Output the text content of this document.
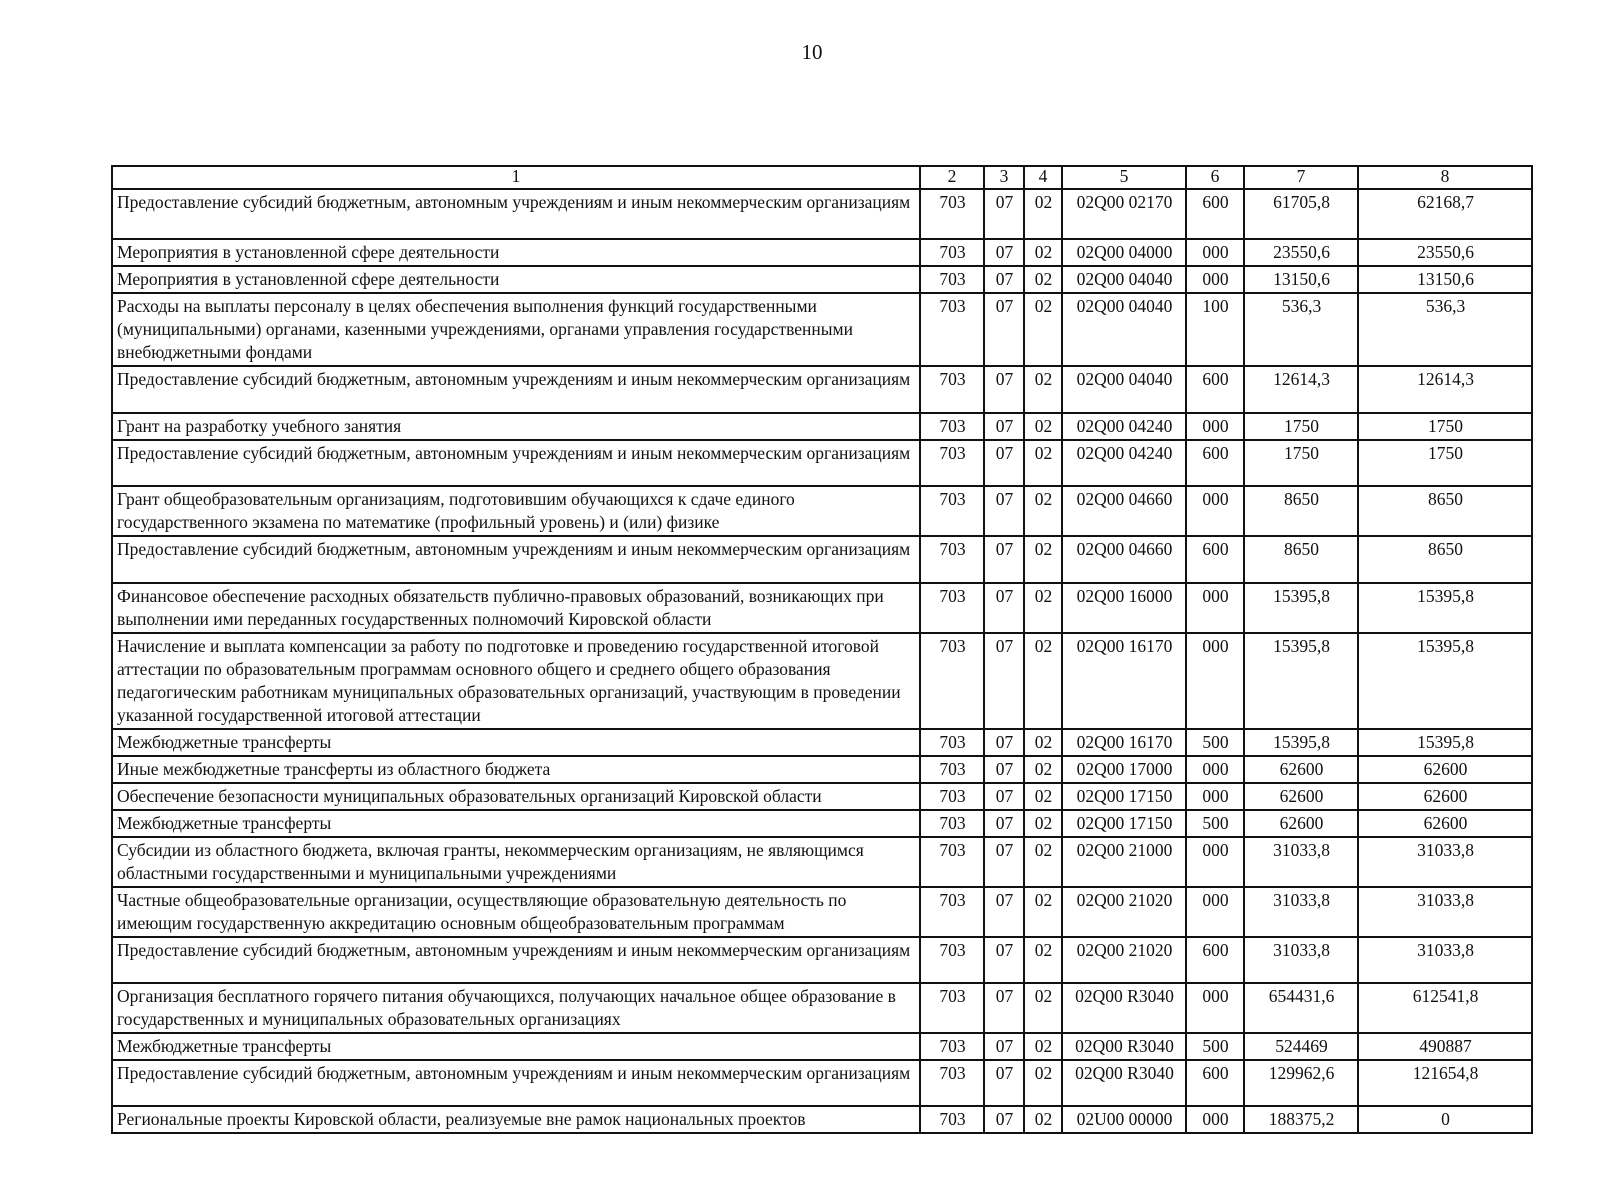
10
1	2	3	4	5	6	7	8
Предоставление субсидий бюджетным, автономным учреждениям и иным некоммерческим организациям	703	07	02	02Q00 02170	600	61705,8	62168,7
Мероприятия в установленной сфере деятельности	703	07	02	02Q00 04000	000	23550,6	23550,6
Мероприятия в установленной сфере деятельности	703	07	02	02Q00 04040	000	13150,6	13150,6
Расходы на выплаты персоналу в целях обеспечения выполнения функций государственными (муниципальными) органами, казенными учреждениями, органами управления государственными внебюджетными фондами	703	07	02	02Q00 04040	100	536,3	536,3
Предоставление субсидий бюджетным, автономным учреждениям и иным некоммерческим организациям	703	07	02	02Q00 04040	600	12614,3	12614,3
Грант на разработку учебного занятия	703	07	02	02Q00 04240	000	1750	1750
Предоставление субсидий бюджетным, автономным учреждениям и иным некоммерческим организациям	703	07	02	02Q00 04240	600	1750	1750
Грант общеобразовательным организациям, подготовившим обучающихся к сдаче единого государственного экзамена по математике (профильный уровень) и (или) физике	703	07	02	02Q00 04660	000	8650	8650
Предоставление субсидий бюджетным, автономным учреждениям и иным некоммерческим организациям	703	07	02	02Q00 04660	600	8650	8650
Финансовое обеспечение расходных обязательств публично-правовых образований, возникающих при выполнении ими переданных государственных полномочий Кировской области	703	07	02	02Q00 16000	000	15395,8	15395,8
Начисление и выплата компенсации за работу по подготовке и проведению государственной итоговой аттестации по образовательным программам основного общего и среднего общего образования педагогическим работникам муниципальных образовательных организаций, участвующим в проведении указанной государственной итоговой аттестации	703	07	02	02Q00 16170	000	15395,8	15395,8
Межбюджетные трансферты	703	07	02	02Q00 16170	500	15395,8	15395,8
Иные межбюджетные трансферты из областного бюджета	703	07	02	02Q00 17000	000	62600	62600
Обеспечение безопасности муниципальных образовательных организаций Кировской области	703	07	02	02Q00 17150	000	62600	62600
Межбюджетные трансферты	703	07	02	02Q00 17150	500	62600	62600
Субсидии из областного бюджета, включая гранты, некоммерческим организациям, не являющимся областными государственными и муниципальными учреждениями	703	07	02	02Q00 21000	000	31033,8	31033,8
Частные общеобразовательные организации, осуществляющие образовательную деятельность по имеющим государственную аккредитацию основным общеобразовательным программам	703	07	02	02Q00 21020	000	31033,8	31033,8
Предоставление субсидий бюджетным, автономным учреждениям и иным некоммерческим организациям	703	07	02	02Q00 21020	600	31033,8	31033,8
Организация бесплатного горячего питания обучающихся, получающих начальное общее образование в государственных и муниципальных образовательных организациях	703	07	02	02Q00 R3040	000	654431,6	612541,8
Межбюджетные трансферты	703	07	02	02Q00 R3040	500	524469	490887
Предоставление субсидий бюджетным, автономным учреждениям и иным некоммерческим организациям	703	07	02	02Q00 R3040	600	129962,6	121654,8
Региональные проекты Кировской области, реализуемые вне рамок национальных проектов	703	07	02	02U00 00000	000	188375,2	0
